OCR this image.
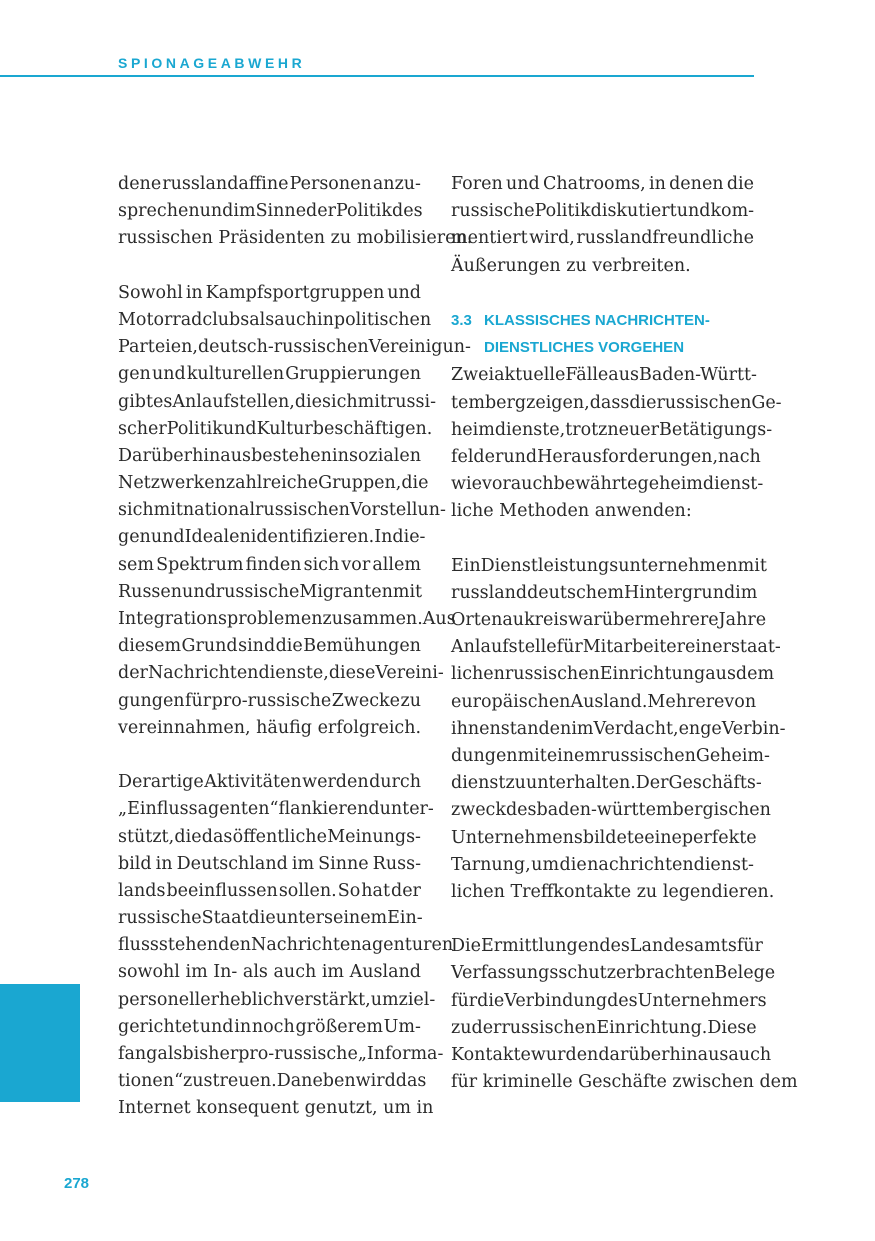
SPIONAGEABWEHR
dene russlandaffine Personen anzu-
sprechen und im Sinne der Politik des
russischen Präsidenten zu mobilisieren.
Sowohl in Kampfsportgruppen und
Motorradclubs als auch in politischen
Parteien, deutsch-russischen Vereinigun-
gen und kulturellen Gruppierungen
gibt es Anlaufstellen, die sich mit russi-
scher Politik und Kultur beschäftigen.
Darüber hinaus bestehen in sozialen
Netzwerken zahlreiche Gruppen, die
sich mit nationalrussischen Vorstellun-
gen und Idealen identifizieren. In die-
sem Spektrum finden sich vor allem
Russen und russische Migranten mit
Integrationsproblemen zusammen. Aus
diesem Grund sind die Bemühungen
der Nachrichtendienste, diese Vereini-
gungen für pro-russische Zwecke zu
vereinnahmen, häufig erfolgreich.
Derartige Aktivitäten werden durch
„Einflussagenten“ flankierend unter-
stützt, die das öffentliche Meinungs-
bild in Deutschland im Sinne Russ-
lands beeinflussen sollen. So hat der
russische Staat die unter seinem Ein-
fluss stehenden Nachrichtenagenturen
sowohl im In- als auch im Ausland
personell erheblich verstärkt, um ziel-
gerichtet und in noch größerem Um-
fang als bisher pro-russische „Informa-
tionen“ zu streuen. Daneben wird das
Internet konsequent genutzt, um in
Foren und Chatrooms, in denen die
russische Politik diskutiert und kom-
mentiert wird, russlandfreundliche
Äußerungen zu verbreiten.
3.3 KLASSISCHES NACHRICHTEN-
DIENSTLICHES VORGEHEN
Zwei aktuelle Fälle aus Baden-Württ-
temberg zeigen, dass die russischen Ge-
heimdienste, trotz neuer Betätigungs-
felder und Herausforderungen, nach
wie vor auch bewährte geheimdienst-
liche Methoden anwenden:
Ein Dienstleistungsunternehmen mit
russlanddeutschem Hintergrund im
Ortenaukreis war über mehrere Jahre
Anlaufstelle für Mitarbeiter einer staat-
lichen russischen Einrichtung aus dem
europäischen Ausland. Mehrere von
ihnen standen im Verdacht, enge Verbin-
dungen mit einem russischen Geheim-
dienst zu unterhalten. Der Geschäfts-
zweck des baden-württembergischen
Unternehmens bildete eine perfekte
Tarnung, um die nachrichtendienst-
lichen Treffkontakte zu legendieren.
Die Ermittlungen des Landesamts für
Verfassungsschutz erbrachten Belege
für die Verbindung des Unternehmers
zu der russischen Einrichtung. Diese
Kontakte wurden darüber hinaus auch
für kriminelle Geschäfte zwischen dem
278
